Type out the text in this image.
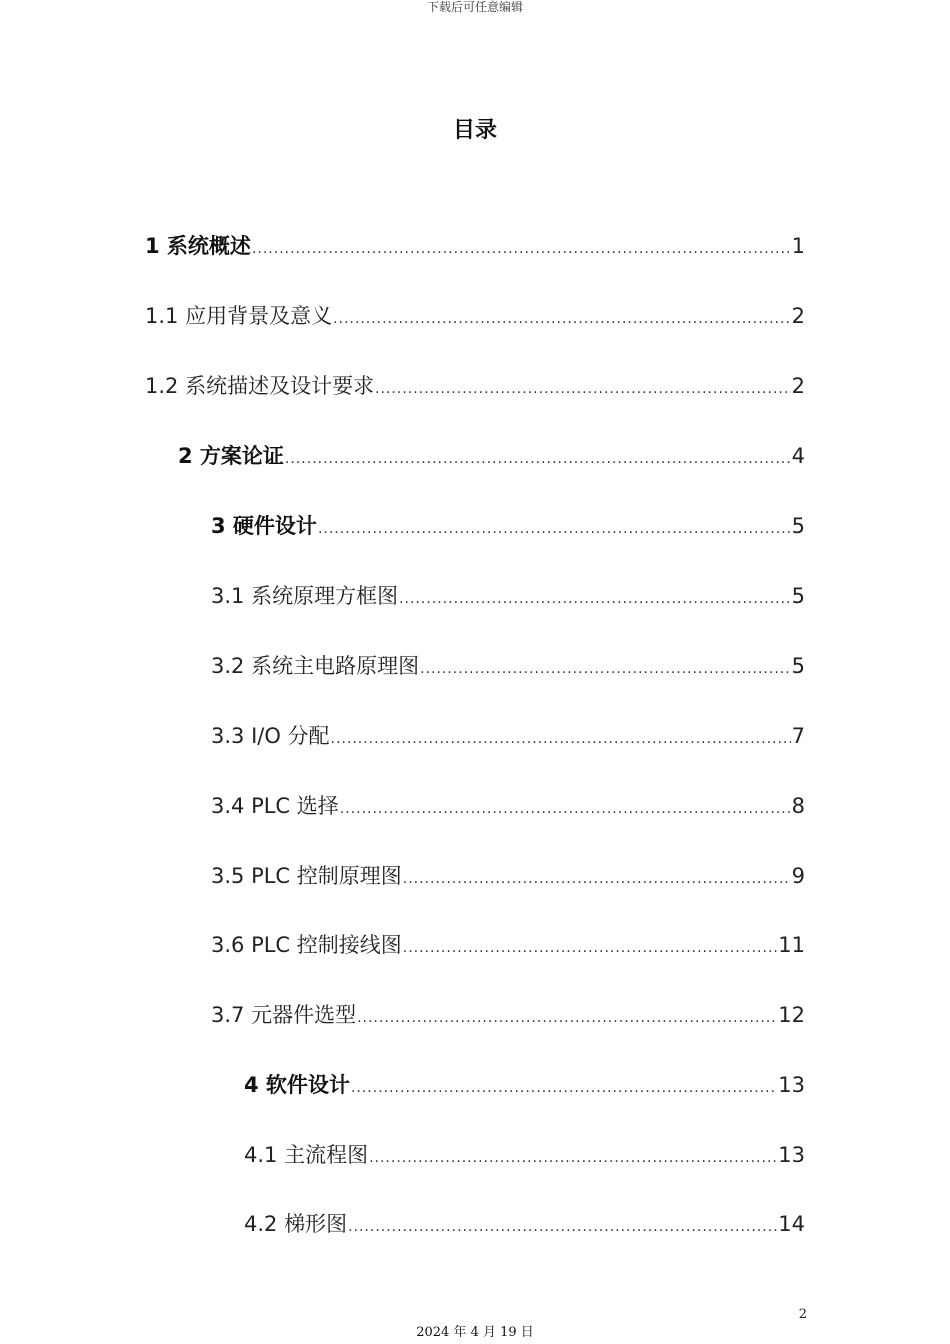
下载后可任意编辑
目录
1 系统概述 .....	1
1.1 应用背景及意义 .....	2
1.2 系统描述及设计要求 .....	2
2 方案论证 .....	4
3 硬件设计 .....	5
3.1 系统原理方框图 .....	5
3.2 系统主电路原理图 .....	5
3.3 I/O 分配 .....	7
3.4 PLC 选择 .....	8
3.5 PLC 控制原理图 .....	9
3.6 PLC 控制接线图 .....	11
3.7 元器件选型 .....	12
4 软件设计 .....	13
4.1 主流程图 .....	13
4.2 梯形图 .....	14
2
2024 年 4 月 19 日
